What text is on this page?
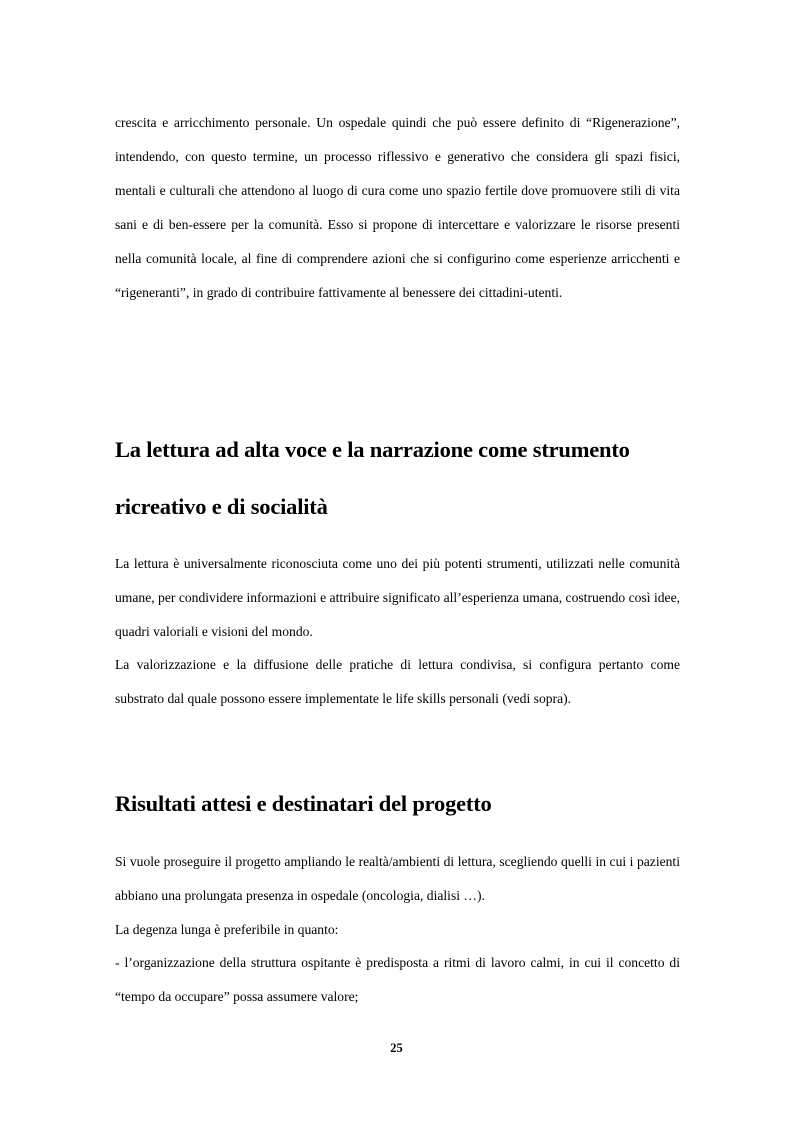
crescita e arricchimento personale. Un ospedale quindi che può essere definito di “Rigenerazione”, intendendo, con questo termine, un processo riflessivo e generativo che considera gli spazi fisici, mentali e culturali che attendono al luogo di cura come uno spazio fertile dove promuovere stili di vita sani e di ben-essere per la comunità. Esso si propone di intercettare e valorizzare le risorse presenti nella comunità locale, al fine di comprendere azioni che si configurino come esperienze arricchenti e “rigeneranti”, in grado di contribuire fattivamente al benessere dei cittadini-utenti.

La lettura ad alta voce e la narrazione come strumento ricreativo e di socialità

La lettura è universalmente riconosciuta come uno dei più potenti strumenti, utilizzati nelle comunità umane, per condividere informazioni e attribuire significato all’esperienza umana, costruendo così idee, quadri valoriali e visioni del mondo.

La valorizzazione e la diffusione delle pratiche di lettura condivisa, si configura pertanto come substrato dal quale possono essere implementate le life skills personali (vedi sopra).

Risultati attesi e destinatari del progetto

Si vuole proseguire il progetto ampliando le realtà/ambienti di lettura, scegliendo quelli in cui i pazienti abbiano una prolungata presenza in ospedale (oncologia, dialisi …).

La degenza lunga è preferibile in quanto:

- l’organizzazione della struttura ospitante è predisposta a ritmi di lavoro calmi, in cui il concetto di “tempo da occupare” possa assumere valore;

25
